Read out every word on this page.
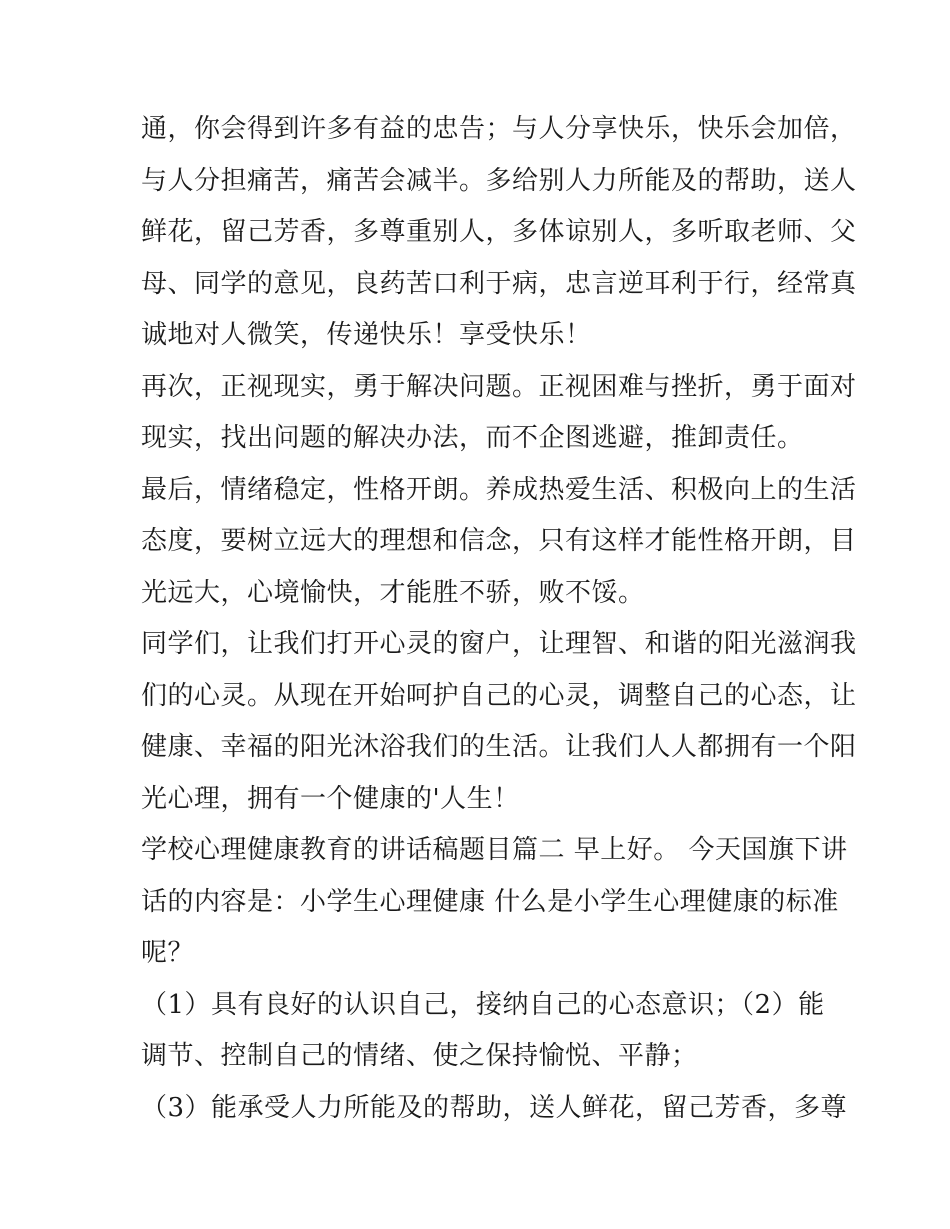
通，你会得到许多有益的忠告；与人分享快乐，快乐会加倍，
与人分担痛苦，痛苦会减半。多给别人力所能及的帮助，送人
鲜花，留己芳香，多尊重别人，多体谅别人，多听取老师、父
母、同学的意见，良药苦口利于病，忠言逆耳利于行，经常真
诚地对人微笑，传递快乐！享受快乐！
再次，正视现实，勇于解决问题。正视困难与挫折，勇于面对
现实，找出问题的解决办法，而不企图逃避，推卸责任。
最后，情绪稳定，性格开朗。养成热爱生活、积极向上的生活
态度，要树立远大的理想和信念，只有这样才能性格开朗，目
光远大，心境愉快，才能胜不骄，败不馁。
同学们，让我们打开心灵的窗户，让理智、和谐的阳光滋润我
们的心灵。从现在开始呵护自己的心灵，调整自己的心态，让
健康、幸福的阳光沐浴我们的生活。让我们人人都拥有一个阳
光心理，拥有一个健康的'人生！
学校心理健康教育的讲话稿题目篇二 早上好。 今天国旗下讲
话的内容是：小学生心理健康 什么是小学生心理健康的标准
呢？
（1）具有良好的认识自己，接纳自己的心态意识；（2）能
调节、控制自己的情绪、使之保持愉悦、平静；
（3）能承受人力所能及的帮助，送人鲜花，留己芳香，多尊
